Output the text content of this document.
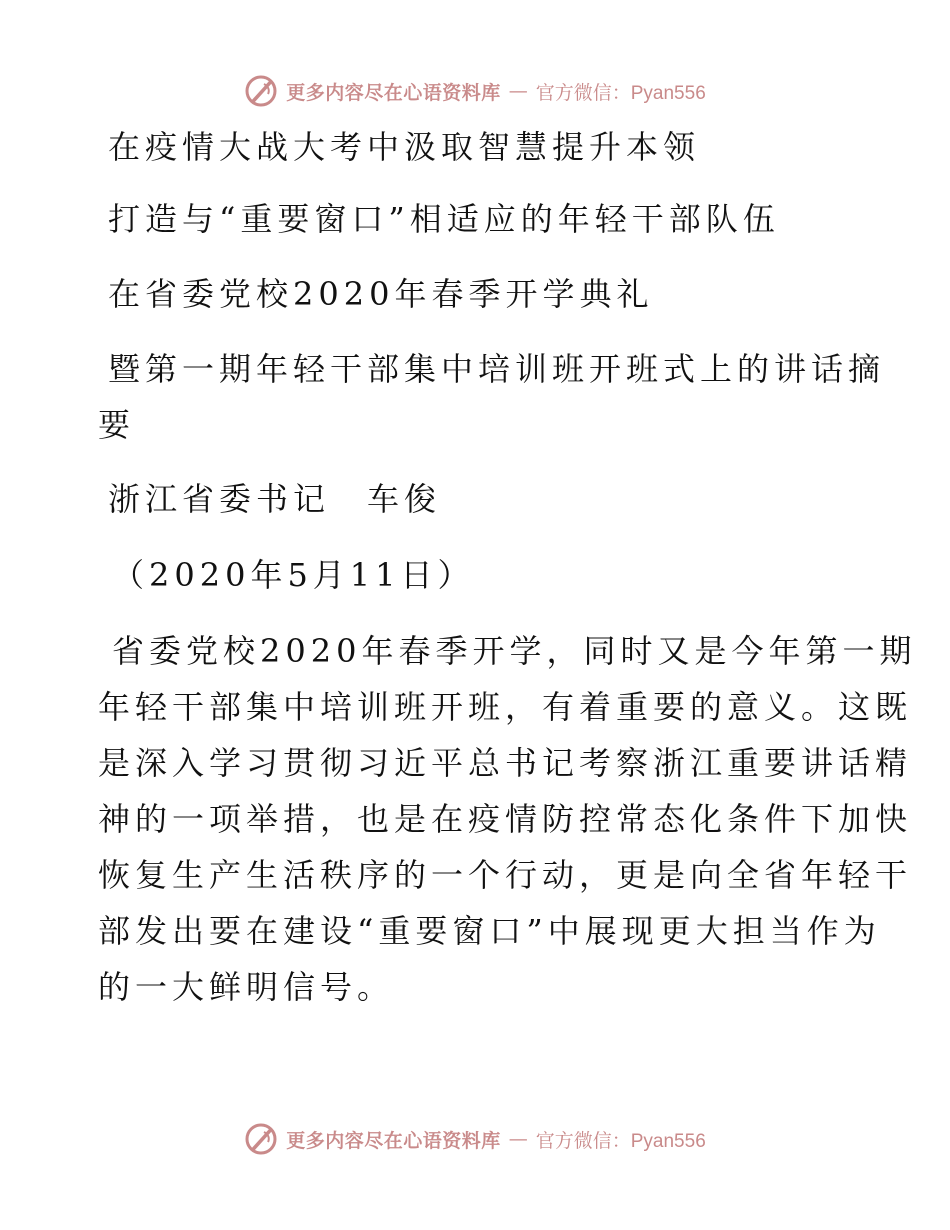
更多内容尽在心语资料库 — 官方微信：Pyan556
在疫情大战大考中汲取智慧提升本领
打造与“重要窗口”相适应的年轻干部队伍
在省委党校2020年春季开学典礼
暨第一期年轻干部集中培训班开班式上的讲话摘
要
浙江省委书记　车俊
（2020年5月11日）
省委党校2020年春季开学，同时又是今年第一期
年轻干部集中培训班开班，有着重要的意义。这既
是深入学习贯彻习近平总书记考察浙江重要讲话精
神的一项举措，也是在疫情防控常态化条件下加快
恢复生产生活秩序的一个行动，更是向全省年轻干
部发出要在建设“重要窗口”中展现更大担当作为
的一大鲜明信号。
更多内容尽在心语资料库 — 官方微信：Pyan556
